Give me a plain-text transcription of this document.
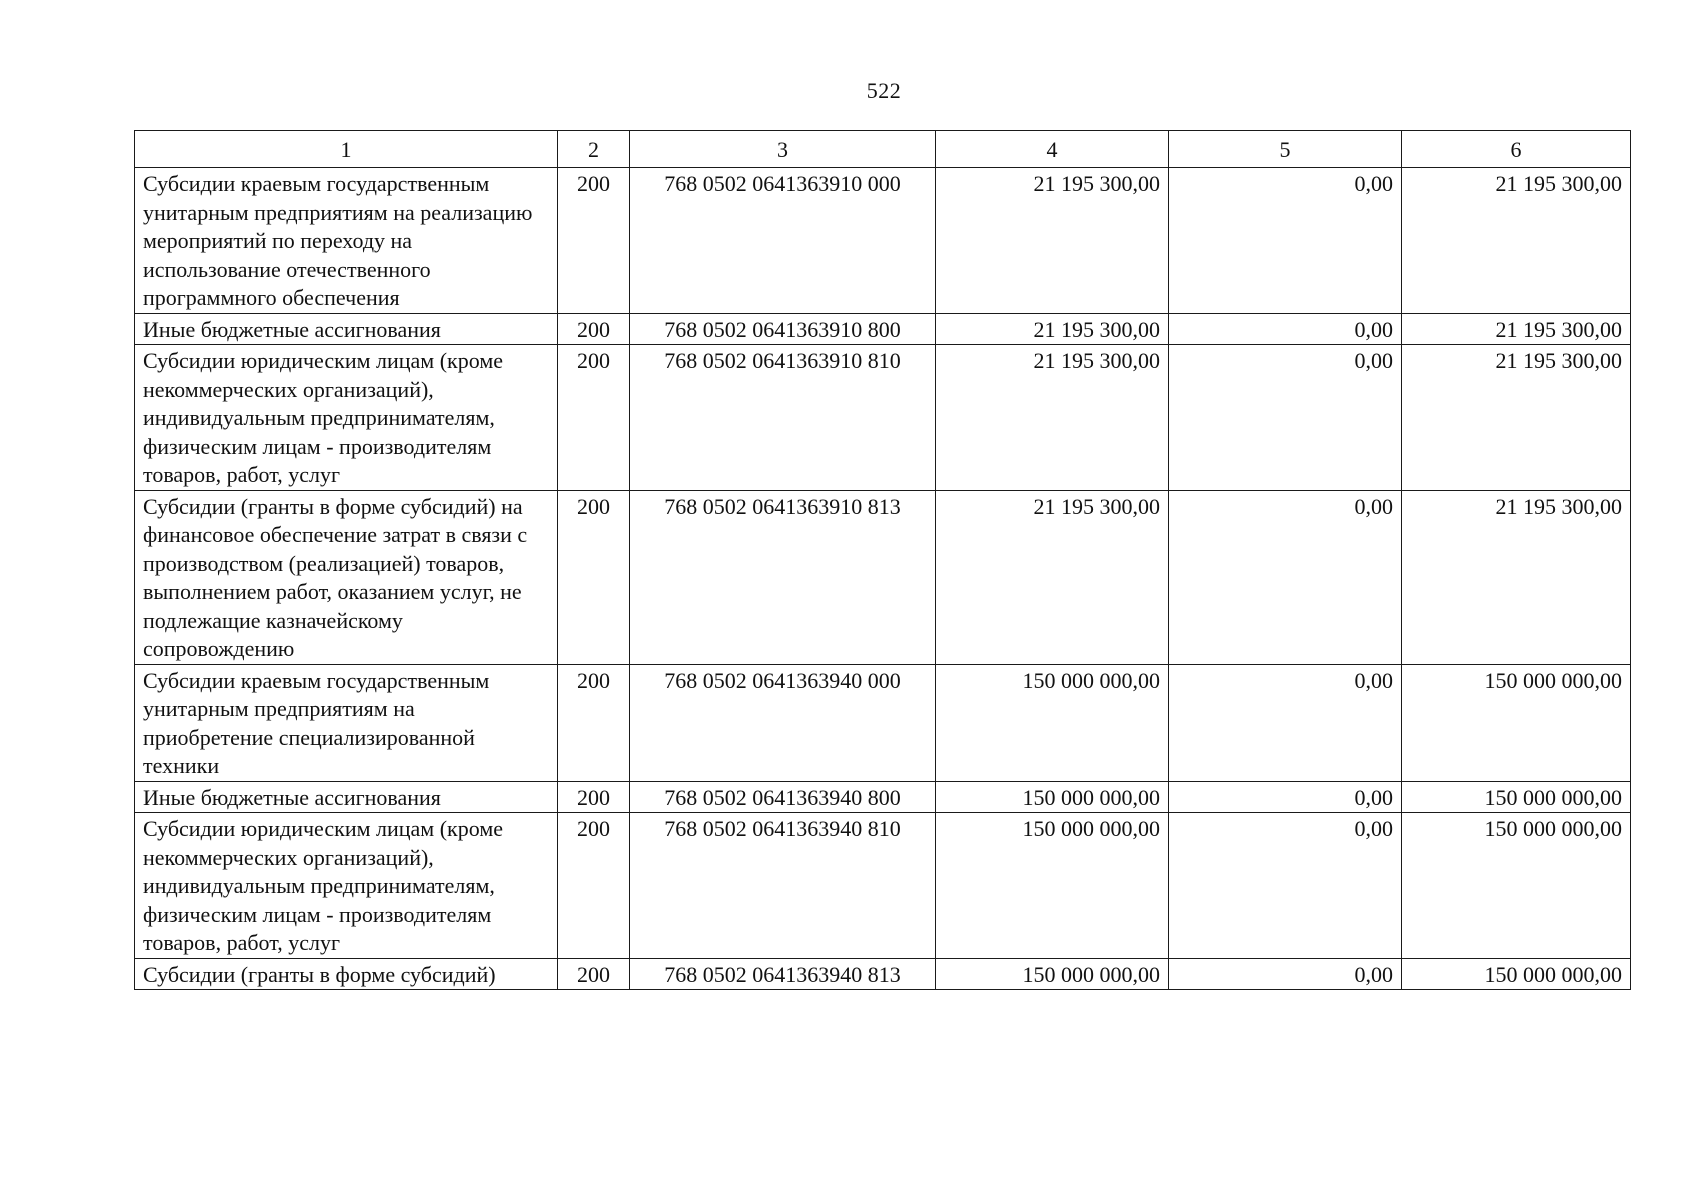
522
1	2	3	4	5	6
Субсидии краевым государственным унитарным предприятиям на реализацию мероприятий по переходу на использование отечественного программного обеспечения	200	768 0502 0641363910 000	21 195 300,00	0,00	21 195 300,00
Иные бюджетные ассигнования	200	768 0502 0641363910 800	21 195 300,00	0,00	21 195 300,00
Субсидии юридическим лицам (кроме некоммерческих организаций), индивидуальным предпринимателям, физическим лицам - производителям товаров, работ, услуг	200	768 0502 0641363910 810	21 195 300,00	0,00	21 195 300,00
Субсидии (гранты в форме субсидий) на финансовое обеспечение затрат в связи с производством (реализацией) товаров, выполнением работ, оказанием услуг, не подлежащие казначейскому сопровождению	200	768 0502 0641363910 813	21 195 300,00	0,00	21 195 300,00
Субсидии краевым государственным унитарным предприятиям на приобретение специализированной техники	200	768 0502 0641363940 000	150 000 000,00	0,00	150 000 000,00
Иные бюджетные ассигнования	200	768 0502 0641363940 800	150 000 000,00	0,00	150 000 000,00
Субсидии юридическим лицам (кроме некоммерческих организаций), индивидуальным предпринимателям, физическим лицам - производителям товаров, работ, услуг	200	768 0502 0641363940 810	150 000 000,00	0,00	150 000 000,00
Субсидии (гранты в форме субсидий)	200	768 0502 0641363940 813	150 000 000,00	0,00	150 000 000,00
